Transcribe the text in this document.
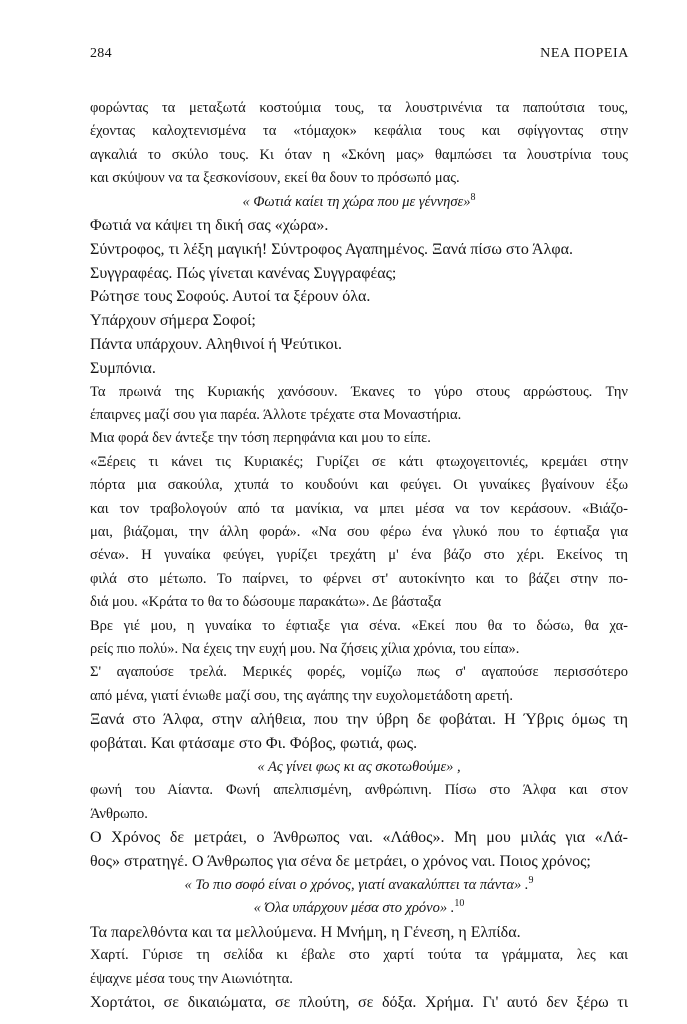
284	ΝΕΑ ΠΟΡΕΙΑ
φορώντας τα μεταξωτά κοστούμια τους, τα λουστρινένια τα παπούτσια τους,
έχοντας καλοχτενισμένα τα «τόμαχοκ» κεφάλια τους και σφίγγοντας στην
αγκαλιά το σκύλο τους. Κι όταν η «Σκόνη μας» θαμπώσει τα λουστρίνια τους
και σκύψουν να τα ξεσκονίσουν, εκεί θα δουν το πρόσωπό μας.
« Φωτιά καίει τη χώρα που με γέννησε»$^8$
Φωτιά να κάψει τη δική σας «χώρα».
Σύντροφος, τι λέξη μαγική! Σύντροφος Αγαπημένος. Ξανά πίσω στο Άλφα.
Συγγραφέας. Πώς γίνεται κανένας Συγγραφέας;
Ρώτησε τους Σοφούς. Αυτοί τα ξέρουν όλα.
Υπάρχουν σήμερα Σοφοί;
Πάντα υπάρχουν. Αληθινοί ή Ψεύτικοι.
Συμπόνια.
Τα πρωινά της Κυριακής χανόσουν. Έκανες το γύρο στους αρρώστους. Την
έπαιρνες μαζί σου για παρέα. Άλλοτε τρέχατε στα Μοναστήρια.
Μια φορά δεν άντεξε την τόση περηφάνια και μου το είπε.
«Ξέρεις τι κάνει τις Κυριακές; Γυρίζει σε κάτι φτωχογειτονιές, κρεμάει στην
πόρτα μια σακούλα, χτυπά το κουδούνι και φεύγει. Οι γυναίκες βγαίνουν έξω
και τον τραβολογούν από τα μανίκια, να μπει μέσα να τον κεράσουν. «Βιάζο-
μαι, βιάζομαι, την άλλη φορά». «Να σου φέρω ένα γλυκό που το έφτιαξα για
σένα». Η γυναίκα φεύγει, γυρίζει τρεχάτη μ' ένα βάζο στο χέρι. Εκείνος τη
φιλά στο μέτωπο. Το παίρνει, το φέρνει στ' αυτοκίνητο και το βάζει στην πο-
διά μου. «Κράτα το θα το δώσουμε παρακάτω». Δε βάσταξα
Βρε γιέ μου, η γυναίκα το έφτιαξε για σένα. «Εκεί που θα το δώσω, θα χα-
ρείς πιο πολύ». Να έχεις την ευχή μου. Να ζήσεις χίλια χρόνια, του είπα».
Σ' αγαπούσε τρελά. Μερικές φορές, νομίζω πως σ' αγαπούσε περισσότερο
από μένα, γιατί ένιωθε μαζί σου, της αγάπης την ευχολομετάδοτη αρετή.
Ξανά στο Άλφα, στην αλήθεια, που την ύβρη δε φοβάται. Η Ύβρις όμως τη
φοβάται. Και φτάσαμε στο Φι. Φόβος, φωτιά, φως.
« Ας γίνει φως κι ας σκοτωθούμε» ,
φωνή του Αίαντα. Φωνή απελπισμένη, ανθρώπινη. Πίσω στο Άλφα και στον
Άνθρωπο.
Ο Χρόνος δε μετράει, ο Άνθρωπος ναι. «Λάθος». Μη μου μιλάς για «Λά-
θος» στρατηγέ. Ο Άνθρωπος για σένα δε μετράει, ο χρόνος ναι. Ποιος χρόνος;
« Το πιο σοφό είναι ο χρόνος, γιατί ανακαλύπτει τα πάντα» .$^9$
« Όλα υπάρχουν μέσα στο χρόνο» .$^{10}$
Τα παρελθόντα και τα μελλούμενα. Η Μνήμη, η Γένεση, η Ελπίδα.
Χαρτί. Γύρισε τη σελίδα κι έβαλε στο χαρτί τούτα τα γράμματα, λες και
έψαχνε μέσα τους την Αιωνιότητα.
Χορτάτοι, σε δικαιώματα, σε πλούτη, σε δόξα. Χρήμα. Γι' αυτό δεν ξέρω τι
